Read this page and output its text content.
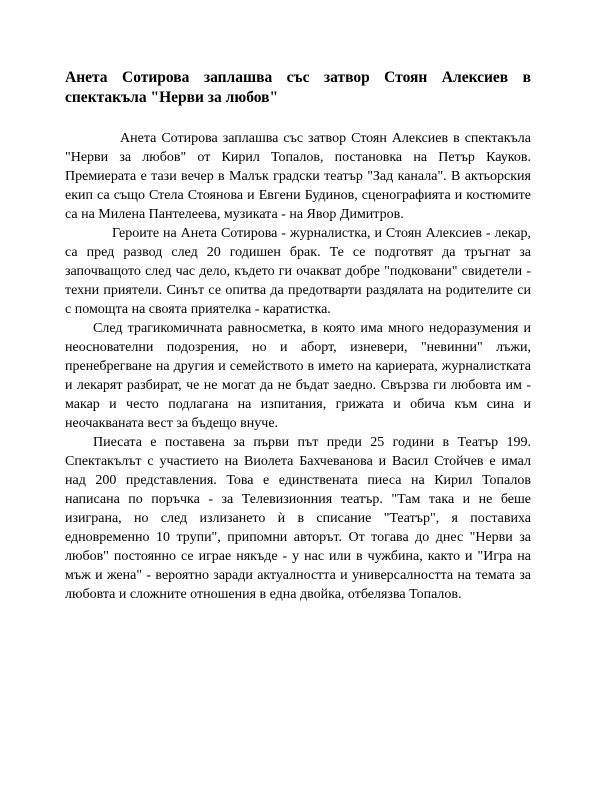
Анета Сотирова заплашва със затвор Стоян Алексиев в спектакъла "Нерви за любов"

Анета Сотирова заплашва със затвор Стоян Алексиев в спектакъла "Нерви за любов" от Кирил Топалов, постановка на Петър Кауков. Премиерата е тази вечер в Малък градски театър "Зад канала". В актьорския екип са също Стела Стоянова и Евгени Будинов, сценографията и костюмите са на Милена Пантелеева, музиката - на Явор Димитров.

Героите на Анета Сотирова - журналистка, и Стоян Алексиев - лекар, са пред развод след 20 годишен брак. Те се подготвят да тръгнат за започващото след час дело, където ги очакват добре "подковани" свидетели - техни приятели. Синът се опитва да предотварти раздялата на родителите си с помощта на своята приятелка - каратистка.

След трагикомичната равносметка, в която има много недоразумения и неоснователни подозрения, но и аборт, изневери, "невинни" лъжи, пренебрегване на другия и семейството в името на кариерата, журналистката и лекарят разбират, че не могат да не бъдат заедно. Свързва ги любовта им - макар и често подлагана на изпитания, грижата и обича към сина и неочакваната вест за бъдещо внуче.

Пиесата е поставена за първи път преди 25 години в Театър 199. Спектакълът с участието на Виолета Бахчеванова и Васил Стойчев е имал над 200 представления. Това е единствената пиеса на Кирил Топалов написана по поръчка - за Телевизионния театър. "Там така и не беше изиграна, но след излизането ѝ в списание "Театър", я поставиха едновременно 10 трупи", припомни авторът. От тогава до днес "Нерви за любов" постоянно се играе някъде - у нас или в чужбина, както и "Игра на мъж и жена" - вероятно заради актуалността и универсалността на темата за любовта и сложните отношения в една двойка, отбелязва Топалов.
